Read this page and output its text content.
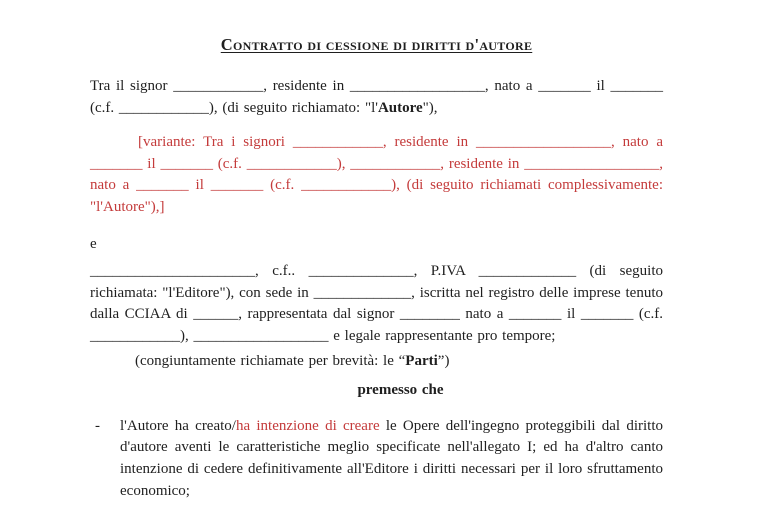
Contratto di cessione di diritti d'autore

Tra il signor ____________, residente in __________________, nato a _______ il _______ (c.f. ____________), (di seguito richiamato: "l'Autore"),

[variante: Tra i signori ____________, residente in __________________, nato a _______ il _______ (c.f. ____________), ____________, residente in __________________, nato a _______ il _______ (c.f. ____________), (di seguito richiamati complessivamente: "l'Autore"),]

e

______________________, c.f.. ______________, P.IVA _____________ (di seguito richiamata: "l'Editore"), con sede in _____________, iscritta nel registro delle imprese tenuto dalla CCIAA di ______, rappresentata dal signor ________ nato a _______ il _______ (c.f. ____________), __________________ e legale rappresentante pro tempore;

(congiuntamente richiamate per brevità: le “Parti”)

premesso che

- l'Autore ha creato/ha intenzione di creare le Opere dell'ingegno proteggibili dal diritto d'autore aventi le caratteristiche meglio specificate nell'allegato I; ed ha d'altro canto intenzione di cedere definitivamente all'Editore i diritti necessari per il loro sfruttamento economico;
